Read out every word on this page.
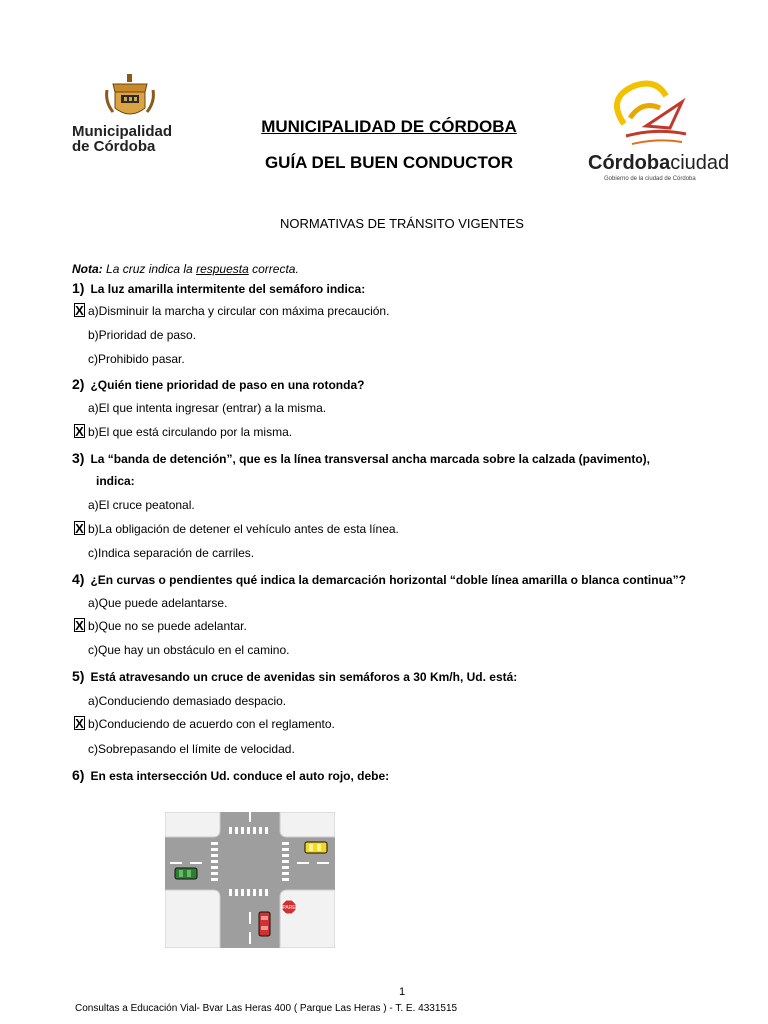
Municipalidad de Córdoba
MUNICIPALIDAD DE CÓRDOBA
GUÍA DEL BUEN CONDUCTOR	Córdobaciudad
Gobierno de la ciudad de Córdoba
NORMATIVAS DE TRÁNSITO VIGENTES
Nota: La cruz indica la respuesta correcta.
1) La luz amarilla intermitente del semáforo indica:
X a)Disminuir la marcha y circular con máxima precaución.
b)Prioridad de paso.
c)Prohibido pasar.
2) ¿Quién tiene prioridad de paso en una rotonda?
a)El que intenta ingresar (entrar) a la misma.
X b)El que está circulando por la misma.
3) La “banda de detención”, que es la línea transversal ancha marcada sobre la calzada (pavimento),
indica:
a)El cruce peatonal.
X b)La obligación de detener el vehículo antes de esta línea.
c)Indica separación de carriles.
4) ¿En curvas o pendientes qué indica la demarcación horizontal “doble línea amarilla o blanca continua”?
a)Que puede adelantarse.
X b)Que no se puede adelantar.
c)Que hay un obstáculo en el camino.
5) Está atravesando un cruce de avenidas sin semáforos a 30 Km/h, Ud. está:
a)Conduciendo demasiado despacio.
X b)Conduciendo de acuerdo con el reglamento.
c)Sobrepasando el límite de velocidad.
6) En esta intersección Ud. conduce el auto rojo, debe:
PARE
1
Consultas a Educación Vial- Bvar Las Heras 400 ( Parque Las Heras ) - T. E. 4331515
